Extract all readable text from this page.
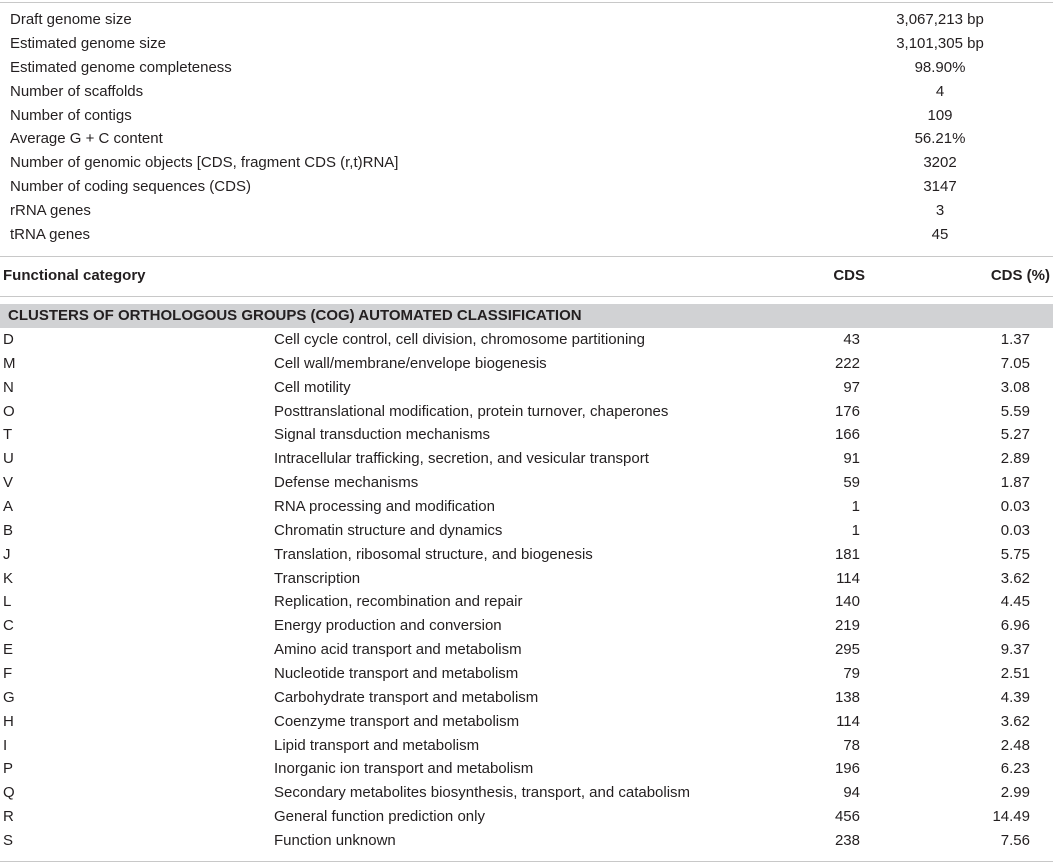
Draft genome size	3,067,213 bp
Estimated genome size	3,101,305 bp
Estimated genome completeness	98.90%
Number of scaffolds	4
Number of contigs	109
Average G + C content	56.21%
Number of genomic objects [CDS, fragment CDS (r,t)RNA]	3202
Number of coding sequences (CDS)	3147
rRNA genes	3
tRNA genes	45
Functional category	CDS	CDS (%)
CLUSTERS OF ORTHOLOGOUS GROUPS (COG) AUTOMATED CLASSIFICATION
D	Cell cycle control, cell division, chromosome partitioning	43	1.37
M	Cell wall/membrane/envelope biogenesis	222	7.05
N	Cell motility	97	3.08
O	Posttranslational modification, protein turnover, chaperones	176	5.59
T	Signal transduction mechanisms	166	5.27
U	Intracellular trafficking, secretion, and vesicular transport	91	2.89
V	Defense mechanisms	59	1.87
A	RNA processing and modification	1	0.03
B	Chromatin structure and dynamics	1	0.03
J	Translation, ribosomal structure, and biogenesis	181	5.75
K	Transcription	114	3.62
L	Replication, recombination and repair	140	4.45
C	Energy production and conversion	219	6.96
E	Amino acid transport and metabolism	295	9.37
F	Nucleotide transport and metabolism	79	2.51
G	Carbohydrate transport and metabolism	138	4.39
H	Coenzyme transport and metabolism	114	3.62
I	Lipid transport and metabolism	78	2.48
P	Inorganic ion transport and metabolism	196	6.23
Q	Secondary metabolites biosynthesis, transport, and catabolism	94	2.99
R	General function prediction only	456	14.49
S	Function unknown	238	7.56
